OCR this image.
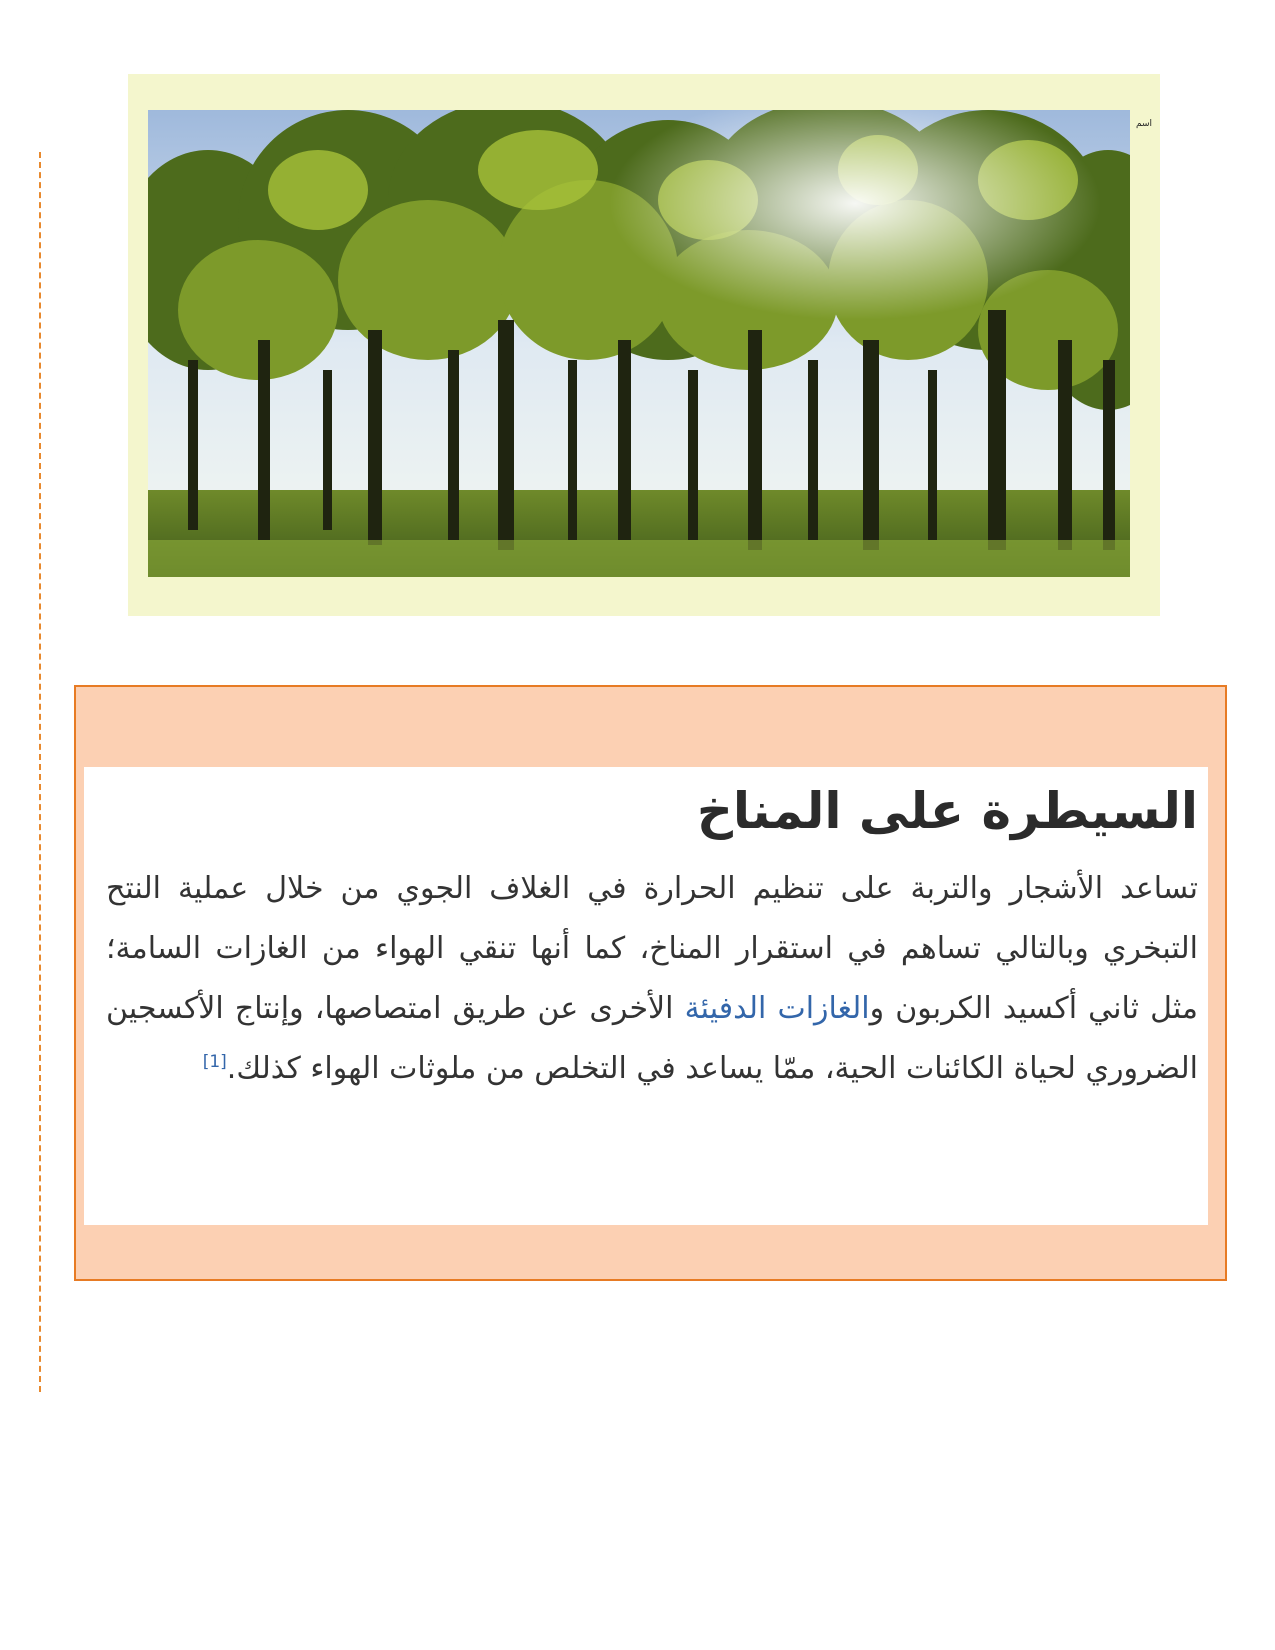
اسم
السيطرة على المناخ

تساعد الأشجار والتربة على تنظيم الحرارة في الغلاف الجوي من خلال عملية النتح التبخري وبالتالي تساهم في استقرار المناخ، كما أنها تنقي الهواء من الغازات السامة؛ مثل ثاني أكسيد الكربون والغازات الدفيئة الأخرى عن طريق امتصاصها، وإنتاج الأكسجين الضروري لحياة الكائنات الحية، ممّا يساعد في التخلص من ملوثات الهواء كذلك.[1]
